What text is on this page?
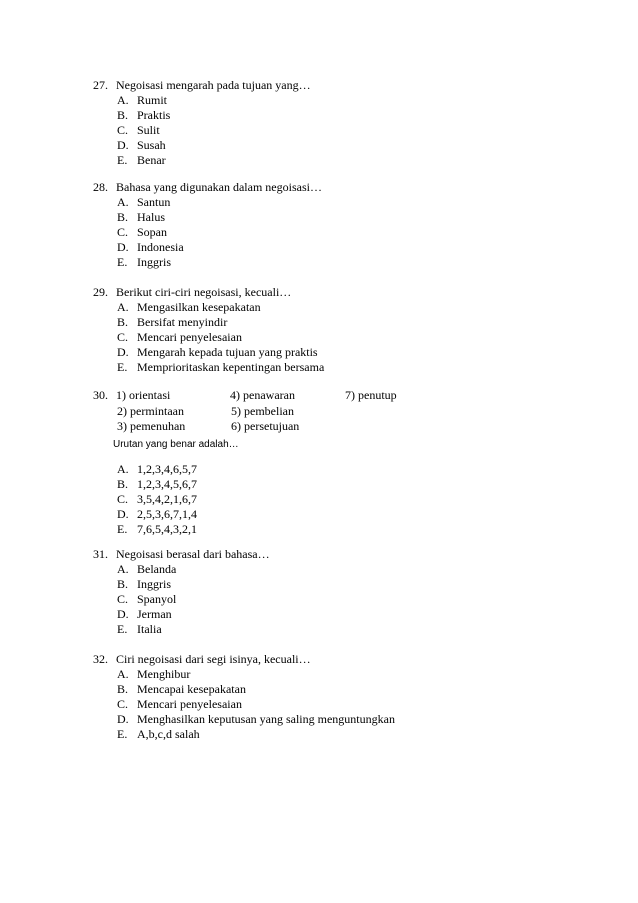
27. Negoisasi mengarah pada tujuan yang…
A. Rumit
B. Praktis
C. Sulit
D. Susah
E. Benar
28. Bahasa yang digunakan dalam negoisasi…
A. Santun
B. Halus
C. Sopan
D. Indonesia
E. Inggris
29. Berikut ciri-ciri negoisasi, kecuali…
A. Mengasilkan kesepakatan
B. Bersifat menyindir
C. Mencari penyelesaian
D. Mengarah kepada tujuan yang praktis
E. Memprioritaskan kepentingan bersama
30. 1) orientasi	4) penawaran	7) penutup
2) permintaan	5) pembelian
3) pemenuhan	6) persetujuan
Urutan yang benar adalah…
A. 1,2,3,4,6,5,7
B. 1,2,3,4,5,6,7
C. 3,5,4,2,1,6,7
D. 2,5,3,6,7,1,4
E. 7,6,5,4,3,2,1
31. Negoisasi berasal dari bahasa…
A. Belanda
B. Inggris
C. Spanyol
D. Jerman
E. Italia
32. Ciri negoisasi dari segi isinya, kecuali…
A. Menghibur
B. Mencapai kesepakatan
C. Mencari penyelesaian
D. Menghasilkan keputusan yang saling menguntungkan
E. A,b,c,d salah
